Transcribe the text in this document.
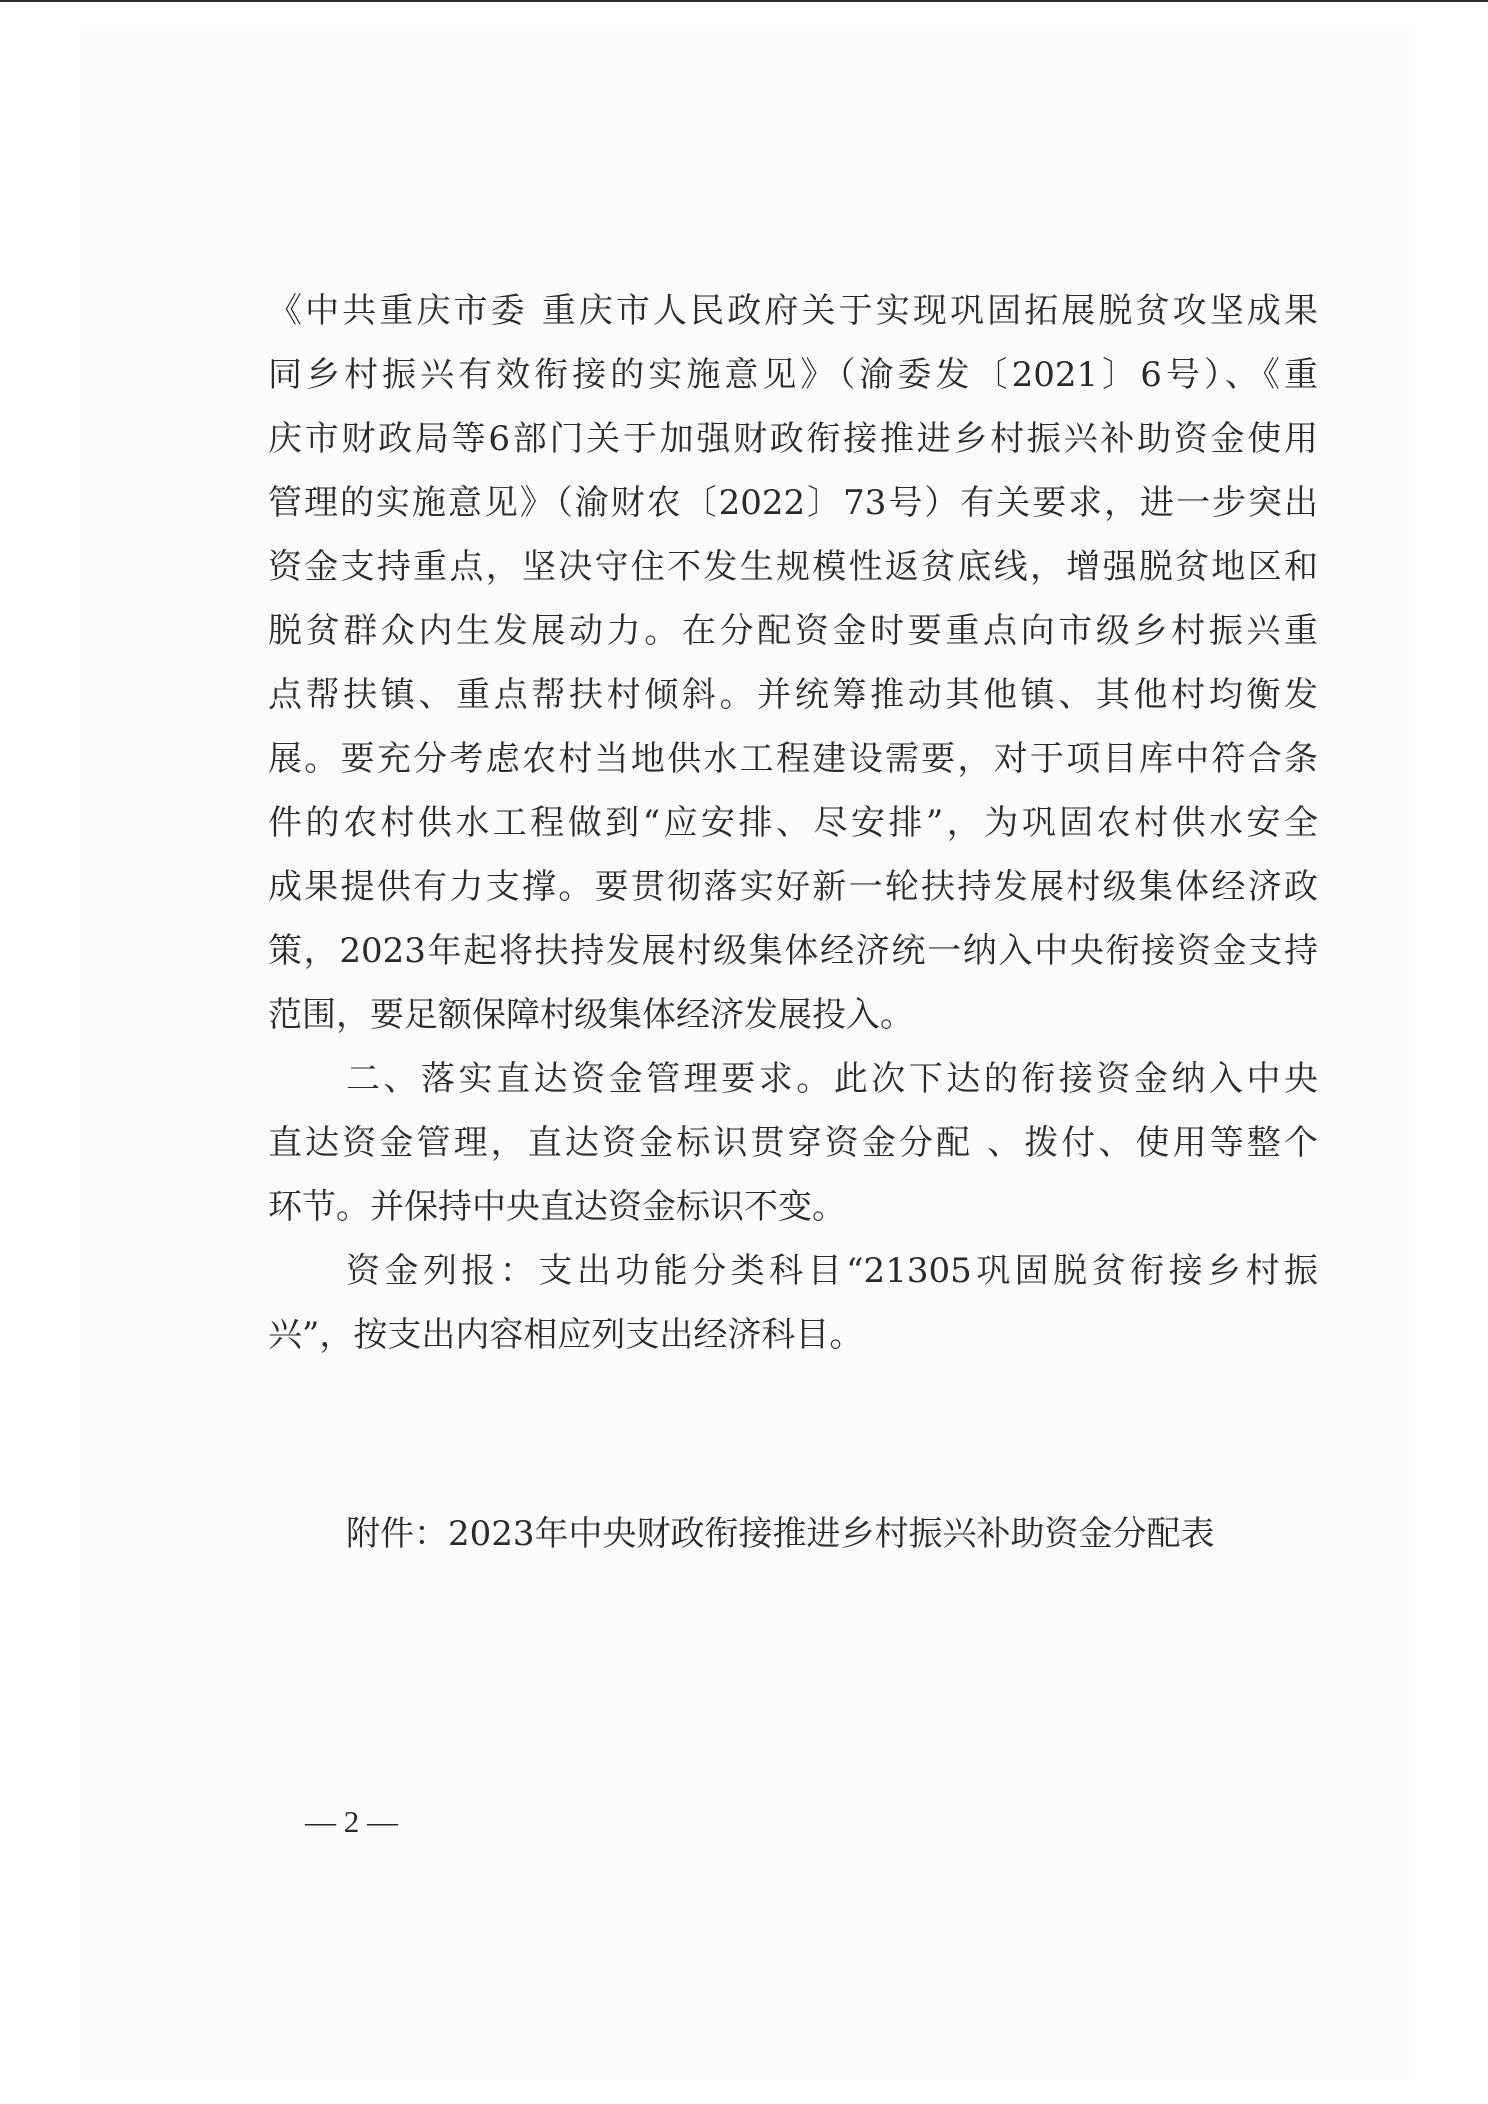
《中共重庆市委 重庆市人民政府关于实现巩固拓展脱贫攻坚成果
同乡村振兴有效衔接的实施意见》（渝委发〔2021〕6号）、《重
庆市财政局等6部门关于加强财政衔接推进乡村振兴补助资金使用
管理的实施意见》（渝财农〔2022〕73号）有关要求，进一步突出
资金支持重点，坚决守住不发生规模性返贫底线，增强脱贫地区和
脱贫群众内生发展动力。在分配资金时要重点向市级乡村振兴重
点帮扶镇、重点帮扶村倾斜。并统筹推动其他镇、其他村均衡发
展。要充分考虑农村当地供水工程建设需要，对于项目库中符合条
件的农村供水工程做到“应安排、尽安排”，为巩固农村供水安全
成果提供有力支撑。要贯彻落实好新一轮扶持发展村级集体经济政
策，2023年起将扶持发展村级集体经济统一纳入中央衔接资金支持
范围，要足额保障村级集体经济发展投入。
二、落实直达资金管理要求。此次下达的衔接资金纳入中央
直达资金管理，直达资金标识贯穿资金分配 、拨付、使用等整个
环节。并保持中央直达资金标识不变。
资金列报：支出功能分类科目“21305巩固脱贫衔接乡村振
兴”，按支出内容相应列支出经济科目。
附件：2023年中央财政衔接推进乡村振兴补助资金分配表
— 2 —
